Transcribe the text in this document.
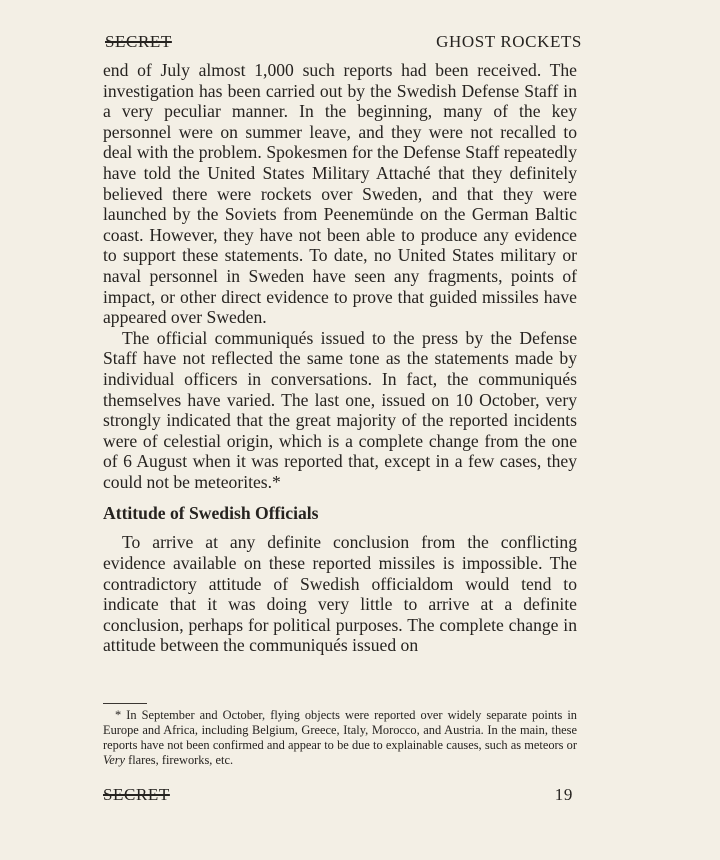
SECRET	GHOST ROCKETS

end of July almost 1,000 such reports had been received. The investigation has been carried out by the Swedish Defense Staff in a very peculiar manner. In the beginning, many of the key personnel were on summer leave, and they were not recalled to deal with the problem. Spokesmen for the Defense Staff repeatedly have told the United States Military Attaché that they definitely believed there were rockets over Sweden, and that they were launched by the Soviets from Peenemünde on the German Baltic coast. However, they have not been able to produce any evidence to support these statements. To date, no United States military or naval personnel in Sweden have seen any fragments, points of impact, or other direct evidence to prove that guided missiles have appeared over Sweden.

The official communiqués issued to the press by the Defense Staff have not reflected the same tone as the statements made by individual officers in conversations. In fact, the communiqués themselves have varied. The last one, issued on 10 October, very strongly indicated that the great majority of the reported incidents were of celestial origin, which is a complete change from the one of 6 August when it was reported that, except in a few cases, they could not be meteorites.*

Attitude of Swedish Officials

To arrive at any definite conclusion from the conflicting evidence available on these reported missiles is impossible. The contradictory attitude of Swedish officialdom would tend to indicate that it was doing very little to arrive at a definite conclusion, perhaps for political purposes. The complete change in attitude between the communiqués issued on

* In September and October, flying objects were reported over widely separate points in Europe and Africa, including Belgium, Greece, Italy, Morocco, and Austria. In the main, these reports have not been confirmed and appear to be due to explainable causes, such as meteors or Very flares, fireworks, etc.
SECRET	19
